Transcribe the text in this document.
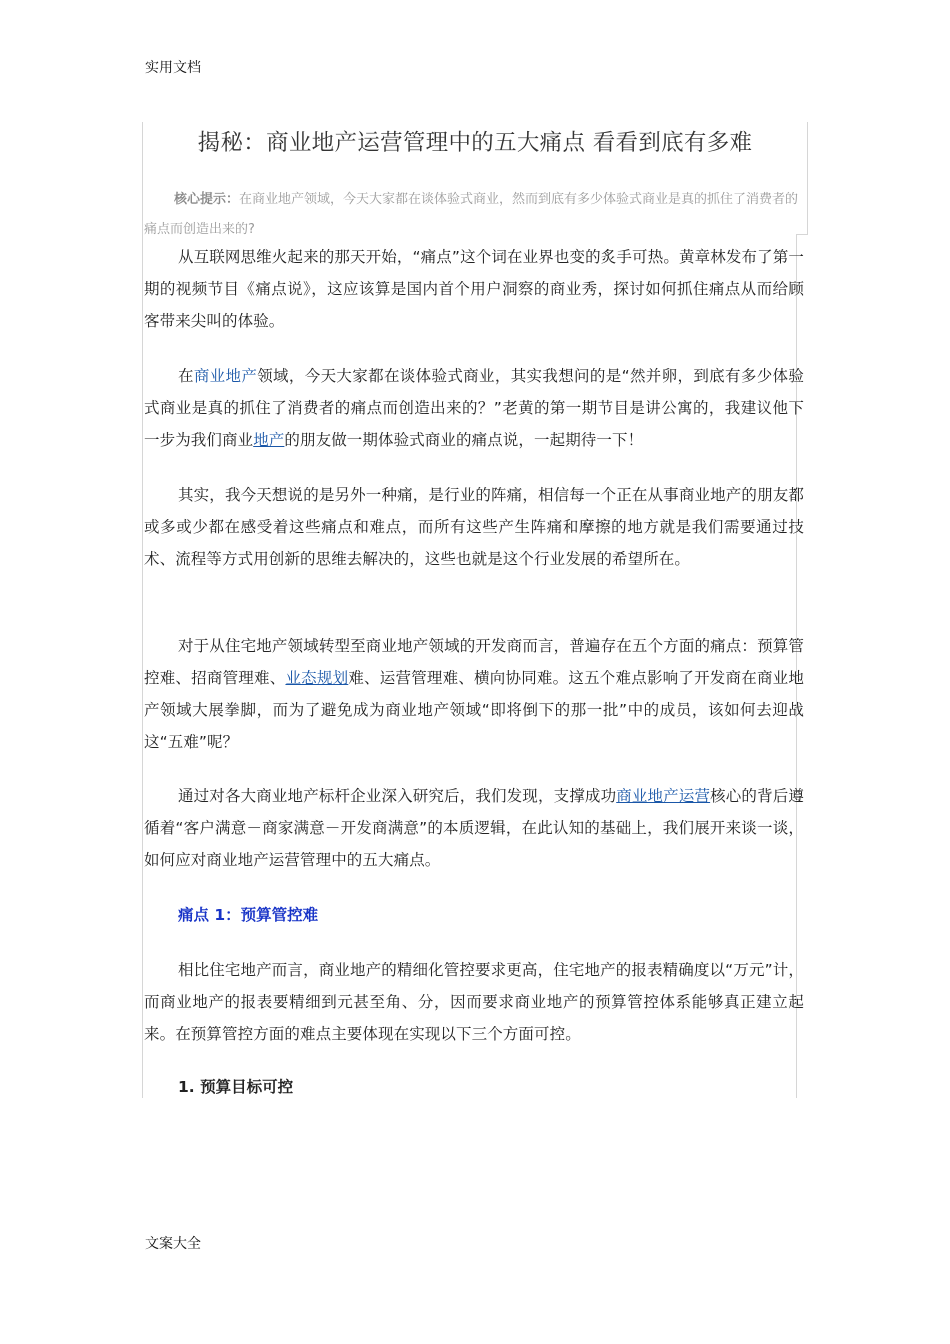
实用文档
揭秘：商业地产运营管理中的五大痛点 看看到底有多难
核心提示：在商业地产领域，今天大家都在谈体验式商业，然而到底有多少体验式商业是真的抓住了消费者的痛点而创造出来的?

从互联网思维火起来的那天开始，“痛点”这个词在业界也变的炙手可热。黄章林发布了第一期的视频节目《痛点说》，这应该算是国内首个用户洞察的商业秀，探讨如何抓住痛点从而给顾客带来尖叫的体验。

在商业地产领域，今天大家都在谈体验式商业，其实我想问的是“然并卵，到底有多少体验式商业是真的抓住了消费者的痛点而创造出来的？”老黄的第一期节目是讲公寓的，我建议他下一步为我们商业地产的朋友做一期体验式商业的痛点说，一起期待一下！

其实，我今天想说的是另外一种痛，是行业的阵痛，相信每一个正在从事商业地产的朋友都或多或少都在感受着这些痛点和难点，而所有这些产生阵痛和摩擦的地方就是我们需要通过技术、流程等方式用创新的思维去解决的，这些也就是这个行业发展的希望所在。

对于从住宅地产领域转型至商业地产领域的开发商而言，普遍存在五个方面的痛点：预算管控难、招商管理难、业态规划难、运营管理难、横向协同难。这五个难点影响了开发商在商业地产领域大展拳脚，而为了避免成为商业地产领域“即将倒下的那一批”中的成员，该如何去迎战这“五难”呢？

通过对各大商业地产标杆企业深入研究后，我们发现，支撑成功商业地产运营核心的背后遵循着“客户满意－商家满意－开发商满意”的本质逻辑，在此认知的基础上，我们展开来谈一谈，如何应对商业地产运营管理中的五大痛点。

痛点 1：预算管控难

相比住宅地产而言，商业地产的精细化管控要求更高，住宅地产的报表精确度以“万元”计，而商业地产的报表要精细到元甚至角、分，因而要求商业地产的预算管控体系能够真正建立起来。在预算管控方面的难点主要体现在实现以下三个方面可控。

1. 预算目标可控

文案大全
